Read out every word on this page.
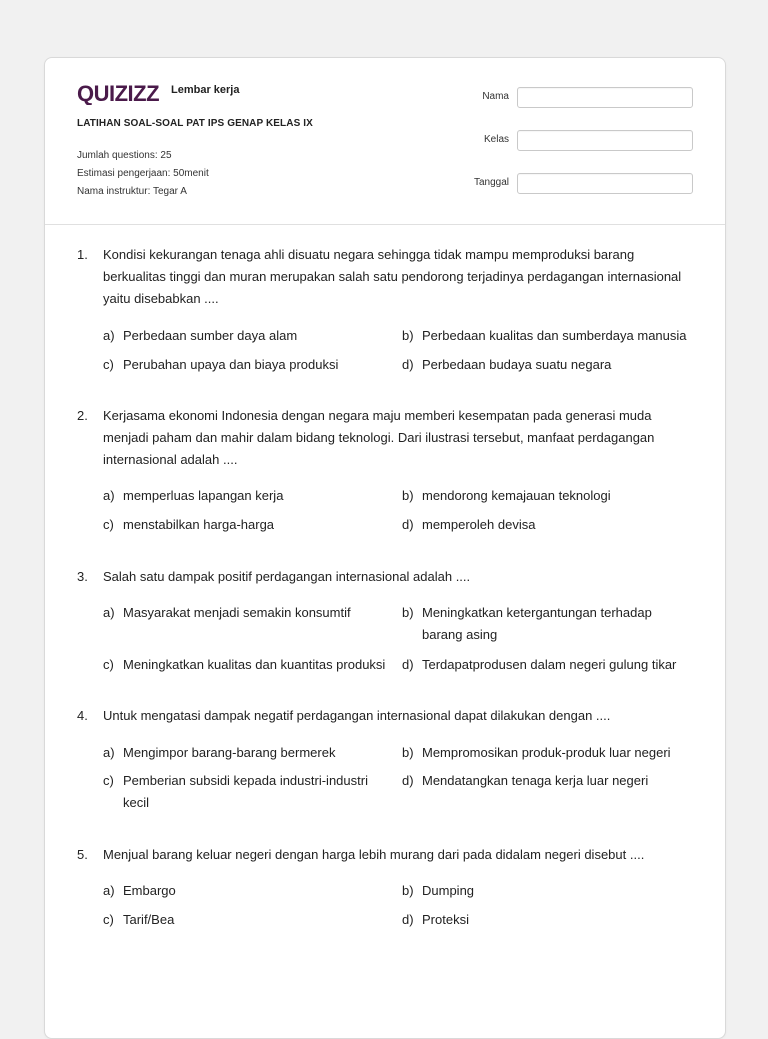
QUIZIZZ Lembar kerja
LATIHAN SOAL-SOAL PAT IPS GENAP KELAS IX
Jumlah questions: 25
Estimasi pengerjaan: 50menit
Nama instruktur: Tegar A
Nama
Kelas
Tanggal
1. Kondisi kekurangan tenaga ahli disuatu negara sehingga tidak mampu memproduksi barang berkualitas tinggi dan muran merupakan salah satu pendorong terjadinya perdagangan internasional yaitu disebabkan ....
a) Perbedaan sumber daya alam	b) Perbedaan kualitas dan sumberdaya manusia
c) Perubahan upaya dan biaya produksi	d) Perbedaan budaya suatu negara
2. Kerjasama ekonomi Indonesia dengan negara maju memberi kesempatan pada generasi muda menjadi paham dan mahir dalam bidang teknologi. Dari ilustrasi tersebut, manfaat perdagangan internasional adalah ....
a) memperluas lapangan kerja	b) mendorong kemajauan teknologi
c) menstabilkan harga-harga	d) memperoleh devisa
3. Salah satu dampak positif perdagangan internasional adalah ....
a) Masyarakat menjadi semakin konsumtif	b) Meningkatkan ketergantungan terhadap barang asing
c) Meningkatkan kualitas dan kuantitas produksi d) Terdapatprodusen dalam negeri gulung tikar
4. Untuk mengatasi dampak negatif perdagangan internasional dapat dilakukan dengan ....
a) Mengimpor barang-barang bermerek	b) Mempromosikan produk-produk luar negeri
c) Pemberian subsidi kepada industri-industri kecil
d) Mendatangkan tenaga kerja luar negeri
5. Menjual barang keluar negeri dengan harga lebih murang dari pada didalam negeri disebut ....
a) Embargo	b) Dumping
c) Tarif/Bea	d) Proteksi
